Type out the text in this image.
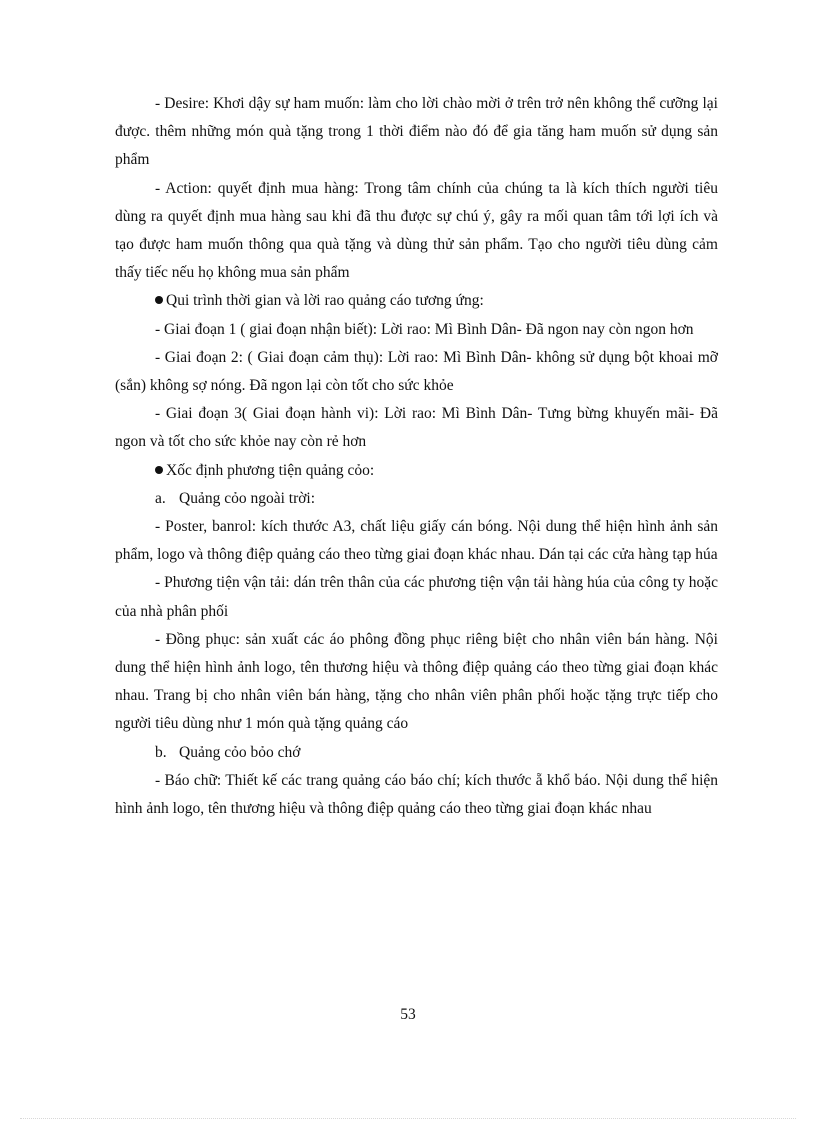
- Desire: Khơi dậy sự ham muốn: làm cho lời chào mời ở trên trở nên không thể cưỡng lại được. thêm những món quà tặng trong 1 thời điểm nào đó để gia tăng ham muốn sử dụng sản phẩm

- Action: quyết định mua hàng: Trong tâm chính của chúng ta là kích thích người tiêu dùng ra quyết định mua hàng sau khi đã thu được sự chú ý, gây ra mối quan tâm tới lợi ích và tạo được ham muốn thông qua quà tặng và dùng thử sản phẩm. Tạo cho người tiêu dùng cảm thấy tiếc nếu họ không mua sản phẩm

Qui trình thời gian và lời rao quảng cáo tương ứng:

- Giai đoạn 1 ( giai đoạn nhận biết): Lời rao: Mì Bình Dân- Đã ngon nay còn ngon hơn

- Giai đoạn 2: ( Giai đoạn cảm thụ): Lời rao: Mì Bình Dân- không sử dụng bột khoai mỡ (sắn) không sợ nóng. Đã ngon lại còn tốt cho sức khỏe

- Giai đoạn 3( Giai đoạn hành vi): Lời rao: Mì Bình Dân- Tưng bừng khuyến mãi- Đã ngon và tốt cho sức khỏe nay còn rẻ hơn

Xốc định phương tiện quảng cỏo:

a. Quảng cỏo ngoài trời:

- Poster, banrol: kích thước A3, chất liệu giấy cán bóng. Nội dung thể hiện hình ảnh sản phẩm, logo và thông điệp quảng cáo theo từng giai đoạn khác nhau. Dán tại các cửa hàng tạp húa

- Phương tiện vận tải: dán trên thân của các phương tiện vận tải hàng húa của công ty hoặc của nhà phân phối

- Đồng phục: sản xuất các áo phông đồng phục riêng biệt cho nhân viên bán hàng. Nội dung thể hiện hình ảnh logo, tên thương hiệu và thông điệp quảng cáo theo từng giai đoạn khác nhau. Trang bị cho nhân viên bán hàng, tặng cho nhân viên phân phối hoặc tặng trực tiếp cho người tiêu dùng như 1 món quà tặng quảng cáo

b. Quảng cỏo bỏo chớ

- Báo chữ: Thiết kế các trang quảng cáo báo chí; kích thước ẵ khổ báo. Nội dung thể hiện hình ảnh logo, tên thương hiệu và thông điệp quảng cáo theo từng giai đoạn khác nhau

53
